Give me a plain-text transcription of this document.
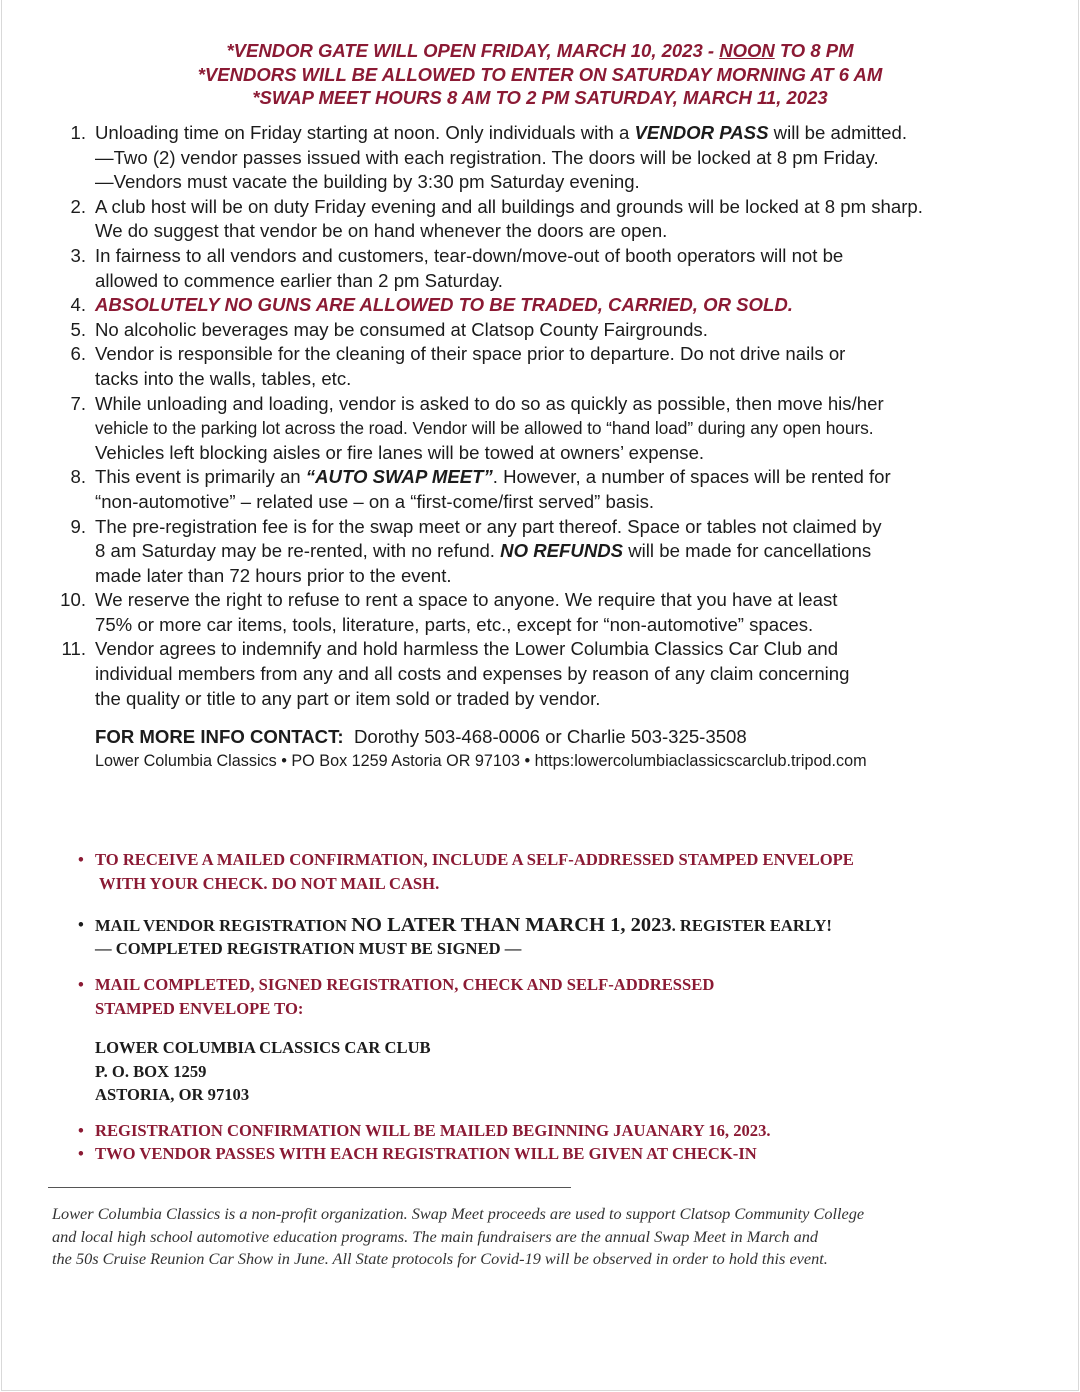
*VENDOR GATE WILL OPEN FRIDAY, MARCH 10, 2023 - NOON TO 8 PM
*VENDORS WILL BE ALLOWED TO ENTER ON SATURDAY MORNING AT 6 AM
*SWAP MEET HOURS 8 AM TO 2 PM SATURDAY, MARCH 11, 2023
1. Unloading time on Friday starting at noon. Only individuals with a VENDOR PASS will be admitted.
—Two (2) vendor passes issued with each registration. The doors will be locked at 8 pm Friday.
—Vendors must vacate the building by 3:30 pm Saturday evening.
2. A club host will be on duty Friday evening and all buildings and grounds will be locked at 8 pm sharp.
We do suggest that vendor be on hand whenever the doors are open.
3. In fairness to all vendors and customers, tear-down/move-out of booth operators will not be
allowed to commence earlier than 2 pm Saturday.
4. ABSOLUTELY NO GUNS ARE ALLOWED TO BE TRADED, CARRIED, OR SOLD.
5. No alcoholic beverages may be consumed at Clatsop County Fairgrounds.
6. Vendor is responsible for the cleaning of their space prior to departure. Do not drive nails or
tacks into the walls, tables, etc.
7. While unloading and loading, vendor is asked to do so as quickly as possible, then move his/her
vehicle to the parking lot across the road. Vendor will be allowed to “hand load” during any open hours.
Vehicles left blocking aisles or fire lanes will be towed at owners’ expense.
8. This event is primarily an “AUTO SWAP MEET”. However, a number of spaces will be rented for
“non-automotive” – related use – on a “first-come/first served” basis.
9. The pre-registration fee is for the swap meet or any part thereof. Space or tables not claimed by
8 am Saturday may be re-rented, with no refund. NO REFUNDS will be made for cancellations
made later than 72 hours prior to the event.
10. We reserve the right to refuse to rent a space to anyone. We require that you have at least
75% or more car items, tools, literature, parts, etc., except for “non-automotive” spaces.
11. Vendor agrees to indemnify and hold harmless the Lower Columbia Classics Car Club and
individual members from any and all costs and expenses by reason of any claim concerning
the quality or title to any part or item sold or traded by vendor.
FOR MORE INFO CONTACT: Dorothy 503-468-0006 or Charlie 503-325-3508
Lower Columbia Classics • PO Box 1259 Astoria OR 97103 • https:lowercolumbiaclassicscarclub.tripod.com
• TO RECEIVE A MAILED CONFIRMATION, INCLUDE A SELF-ADDRESSED STAMPED ENVELOPE
WITH YOUR CHECK. DO NOT MAIL CASH.
• MAIL VENDOR REGISTRATION NO LATER THAN MARCH 1, 2023. REGISTER EARLY!
— COMPLETED REGISTRATION MUST BE SIGNED —
• MAIL COMPLETED, SIGNED REGISTRATION, CHECK AND SELF-ADDRESSED
STAMPED ENVELOPE TO:
LOWER COLUMBIA CLASSICS CAR CLUB
P. O. BOX 1259
ASTORIA, OR 97103
• REGISTRATION CONFIRMATION WILL BE MAILED BEGINNING JAUANARY 16, 2023.
• TWO VENDOR PASSES WITH EACH REGISTRATION WILL BE GIVEN AT CHECK-IN
Lower Columbia Classics is a non-profit organization. Swap Meet proceeds are used to support Clatsop Community College
and local high school automotive education programs. The main fundraisers are the annual Swap Meet in March and
the 50s Cruise Reunion Car Show in June. All State protocols for Covid-19 will be observed in order to hold this event.
